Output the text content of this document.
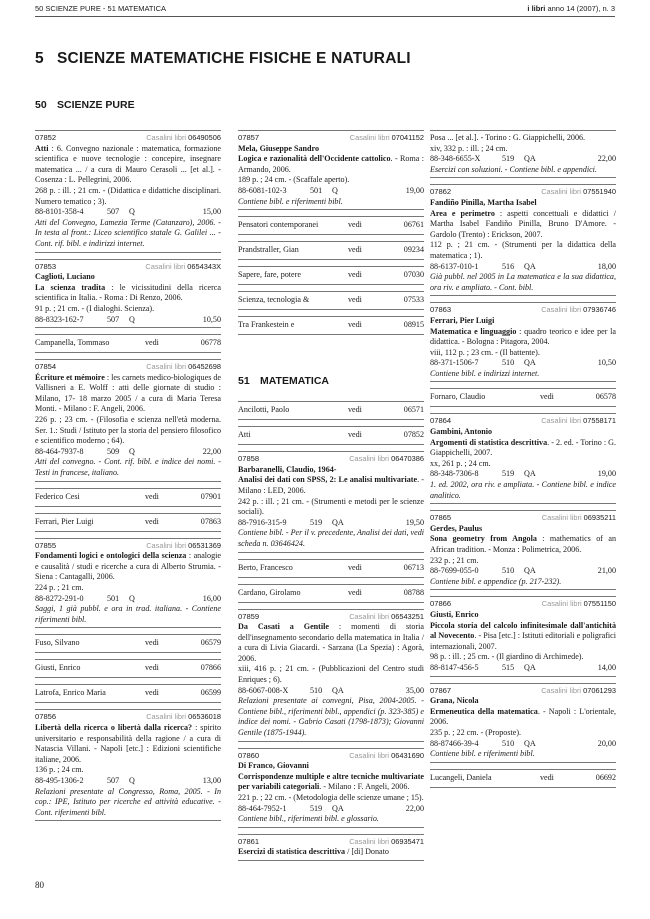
50 SCIENZE PURE - 51 MATEMATICA	i libri anno 14 (2007), n. 3
5 SCIENZE MATEMATICHE FISICHE E NATURALI
50 SCIENZE PURE
07852	Casalini libri 06490506
Atti : 6. Convegno nazionale : matematica, formazione scientifica e nuove tecnologie : concepire, insegnare matematica ... / a cura di Mauro Cerasoli ... [et al.]. - Cosenza : L. Pellegrini, 2006.
268 p. : ill. ; 21 cm. - (Didattica e didattiche disciplinari. Numero tematico ; 3).
88-8101-358-4	507	Q	15,00
Atti del Convegno, Lamezia Terme (Catanzaro), 2006. - In testa al front.: Liceo scientifico statale G. Galilei ... - Cont. rif. bibl. e indirizzi internet.
07853	Casalini libri 0654343X
Caglioti, Luciano
La scienza tradita : le vicissitudini della ricerca scientifica in Italia. - Roma : Di Renzo, 2006.
91 p. ; 21 cm. - (I dialoghi. Scienza).
88-8323-162-7	507	Q	10,50
Campanella, Tommaso	vedi	06778
07854	Casalini libri 06452698
Écriture et mémoire : les carnets medico-biologiques de Vallisneri a E. Wolff : atti delle giornate di studio : Milano, 17- 18 marzo 2005 / a cura di Maria Teresa Monti. - Milano : F. Angeli, 2006.
226 p. ; 23 cm. - (Filosofia e scienza nell'età moderna. Ser. 1.: Studi / Istituto per la storia del pensiero filosofico e scientifico moderno ; 64).
88-464-7937-8	509	Q	22,00
Atti del convegno. - Cont. rif. bibl. e indice dei nomi. - Testi in francese, italiano.
Federico Cesi	vedi	07901
Ferrari, Pier Luigi	vedi	07863
07855	Casalini libri 06531369
Fondamenti logici e ontologici della scienza : analogie e causalità / studi e ricerche a cura di Alberto Strumia. - Siena : Cantagalli, 2006.
224 p. ; 21 cm.
88-8272-291-0	501	Q	16,00
Saggi, 1 già pubbl. e ora in trad. italiana. - Contiene riferimenti bibl.
Fuso, Silvano	vedi	06579
Giusti, Enrico	vedi	07866
Latrofa, Enrico Maria	vedi	06599
07856	Casalini libri 06536018
Libertà della ricerca o libertà dalla ricerca? : spirito universitario e responsabilità della ragione / a cura di Natascia Villani. - Napoli [etc.] : Edizioni scientifiche italiane, 2006.
136 p. ; 24 cm.
88-495-1306-2	507	Q	13,00
Relazioni presentate al Congresso, Roma, 2005. - In cop.: IPE, Istituto per ricerche ed attività educative. - Cont. riferimenti bibl.
07857	Casalini libri 07041152
Mela, Giuseppe Sandro
Logica e razionalità dell'Occidente cattolico. - Roma : Armando, 2006.
189 p. ; 24 cm. - (Scaffale aperto).
88-6081-102-3	501	Q	19,00
Contiene bibl. e riferimenti bibl.
Pensatori contemporanei	vedi	06761
Prandstraller, Gian	vedi	09234
Sapere, fare, potere	vedi	07030
Scienza, tecnologia &	vedi	07533
Tra Frankestein e	vedi	08915
51 MATEMATICA
Ancilotti, Paolo	vedi	06571
Atti	vedi	07852
07858	Casalini libri 06470386
Barbaranelli, Claudio, 1964-
Analisi dei dati con SPSS, 2: Le analisi multivariate. - Milano : LED, 2006.
242 p. : ill. ; 21 cm. - (Strumenti e metodi per le scienze sociali).
88-7916-315-9	519	QA	19,50
Contiene bibl. - Per il v. precedente, Analisi dei dati, vedi scheda n. 03646424.
Berto, Francesco	vedi	06713
Cardano, Girolamo	vedi	08788
07859	Casalini libri 06543251
Da Casati a Gentile : momenti di storia dell'insegnamento secondario della matematica in Italia / a cura di Livia Giacardi. - Sarzana (La Spezia) : Agorà, 2006.
xiii, 416 p. ; 21 cm. - (Pubblicazioni del Centro studi Enriques ; 6).
88-6067-008-X	510	QA	35,00
Relazioni presentate ai convegni, Pisa, 2004-2005. - Contiene bibl., riferimenti bibl., appendici (p. 323-385) e indice dei nomi. - Gabrio Casati (1798-1873); Giovanni Gentile (1875-1944).
07860	Casalini libri 06431690
Di Franco, Giovanni
Corrispondenze multiple e altre tecniche multivariate per variabili categoriali. - Milano : F. Angeli, 2006.
221 p. ; 22 cm. - (Metodologia delle scienze umane ; 15).
88-464-7952-1	519	QA	22,00
Contiene bibl., riferimenti bibl. e glossario.
07861	Casalini libri 06935471
Esercizi di statistica descrittiva / [di] Donato
Posa ... [et al.]. - Torino : G. Giappichelli, 2006.
xiv, 332 p. : ill. ; 24 cm.
88-348-6655-X	519	QA	22,00
Esercizi con soluzioni. - Contiene bibl. e appendici.
07862	Casalini libri 07551940
Fandiño Pinilla, Martha Isabel
Area e perimetro : aspetti concettuali e didattici / Martha Isabel Fandiño Pinilla, Bruno D'Amore. - Gardolo (Trento) : Erickson, 2007.
112 p. ; 21 cm. - (Strumenti per la didattica della matematica ; 1).
88-6137-010-1	516	QA	18,00
Già pubbl. nel 2005 in La matematica e la sua didattica, ora riv. e ampliato. - Cont. bibl.
07863	Casalini libri 07936746
Ferrari, Pier Luigi
Matematica e linguaggio : quadro teorico e idee per la didattica. - Bologna : Pitagora, 2004.
viii, 112 p. ; 23 cm. - (Il battente).
88-371-1506-7	510	QA	10,50
Contiene bibl. e indirizzi internet.
Fornaro, Claudio	vedi	06578
07864	Casalini libri 07558171
Gambini, Antonio
Argomenti di statistica descrittiva. - 2. ed. - Torino : G. Giappichelli, 2007.
xx, 261 p. ; 24 cm.
88-348-7306-8	519	QA	19,00
1. ed. 2002, ora riv. e ampliata. - Contiene bibl. e indice analitico.
07865	Casalini libri 06935211
Gerdes, Paulus
Sona geometry from Angola : mathematics of an African tradition. - Monza : Polimetrica, 2006.
232 p. ; 21 cm.
88-7699-055-0	510	QA	21,00
Contiene bibl. e appendice (p. 217-232).
07866	Casalini libri 07551150
Giusti, Enrico
Piccola storia del calcolo infinitesimale dall'antichità al Novecento. - Pisa [etc.] : Istituti editoriali e poligrafici internazionali, 2007.
98 p. : ill. ; 25 cm. - (Il giardino di Archimede).
88-8147-456-5	515	QA	14,00
07867	Casalini libri 07061293
Grana, Nicola
Ermeneutica della matematica. - Napoli : L'orientale, 2006.
235 p. ; 22 cm. - (Proposte).
88-87466-39-4	510	QA	20,00
Contiene bibl. e riferimenti bibl.
Lucangeli, Daniela	vedi	06692
80
